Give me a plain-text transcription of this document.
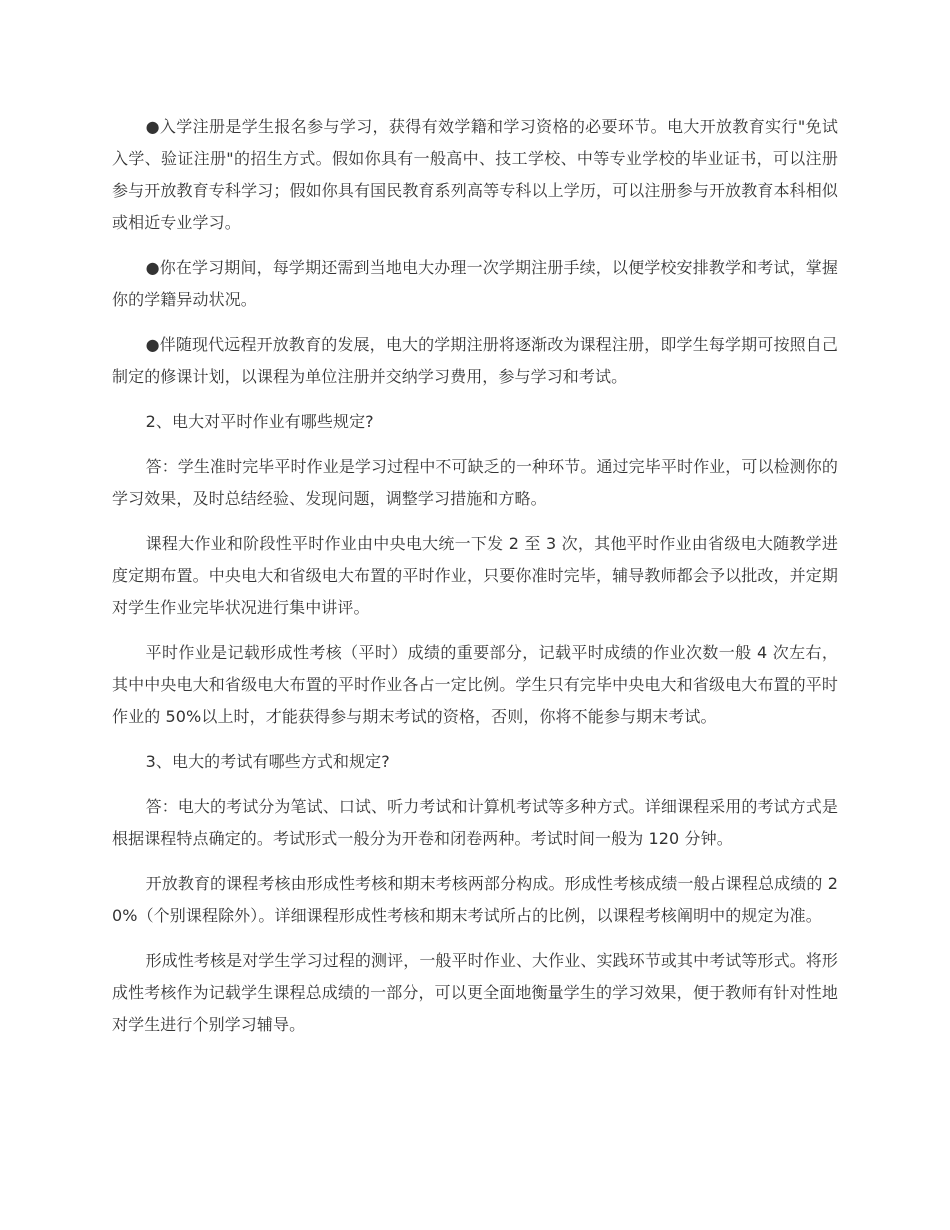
●入学注册是学生报名参与学习，获得有效学籍和学习资格的必要环节。电大开放教育实行"免试入学、验证注册"的招生方式。假如你具有一般高中、技工学校、中等专业学校的毕业证书，可以注册参与开放教育专科学习；假如你具有国民教育系列高等专科以上学历，可以注册参与开放教育本科相似或相近专业学习。

●你在学习期间，每学期还需到当地电大办理一次学期注册手续，以便学校安排教学和考试，掌握你的学籍异动状况。

●伴随现代远程开放教育的发展，电大的学期注册将逐渐改为课程注册，即学生每学期可按照自己制定的修课计划，以课程为单位注册并交纳学习费用，参与学习和考试。

2、电大对平时作业有哪些规定?

答：学生准时完毕平时作业是学习过程中不可缺乏的一种环节。通过完毕平时作业，可以检测你的学习效果，及时总结经验、发现问题，调整学习措施和方略。

课程大作业和阶段性平时作业由中央电大统一下发 2 至 3 次，其他平时作业由省级电大随教学进度定期布置。中央电大和省级电大布置的平时作业，只要你准时完毕，辅导教师都会予以批改，并定期对学生作业完毕状况进行集中讲评。

平时作业是记载形成性考核（平时）成绩的重要部分，记载平时成绩的作业次数一般 4 次左右，其中中央电大和省级电大布置的平时作业各占一定比例。学生只有完毕中央电大和省级电大布置的平时作业的 50%以上时，才能获得参与期末考试的资格，否则，你将不能参与期末考试。

3、电大的考试有哪些方式和规定?

答：电大的考试分为笔试、口试、听力考试和计算机考试等多种方式。详细课程采用的考试方式是根据课程特点确定的。考试形式一般分为开卷和闭卷两种。考试时间一般为 120 分钟。

开放教育的课程考核由形成性考核和期末考核两部分构成。形成性考核成绩一般占课程总成绩的 20%（个别课程除外）。详细课程形成性考核和期末考试所占的比例，以课程考核阐明中的规定为准。

形成性考核是对学生学习过程的测评，一般平时作业、大作业、实践环节或其中考试等形式。将形成性考核作为记载学生课程总成绩的一部分，可以更全面地衡量学生的学习效果，便于教师有针对性地对学生进行个别学习辅导。
